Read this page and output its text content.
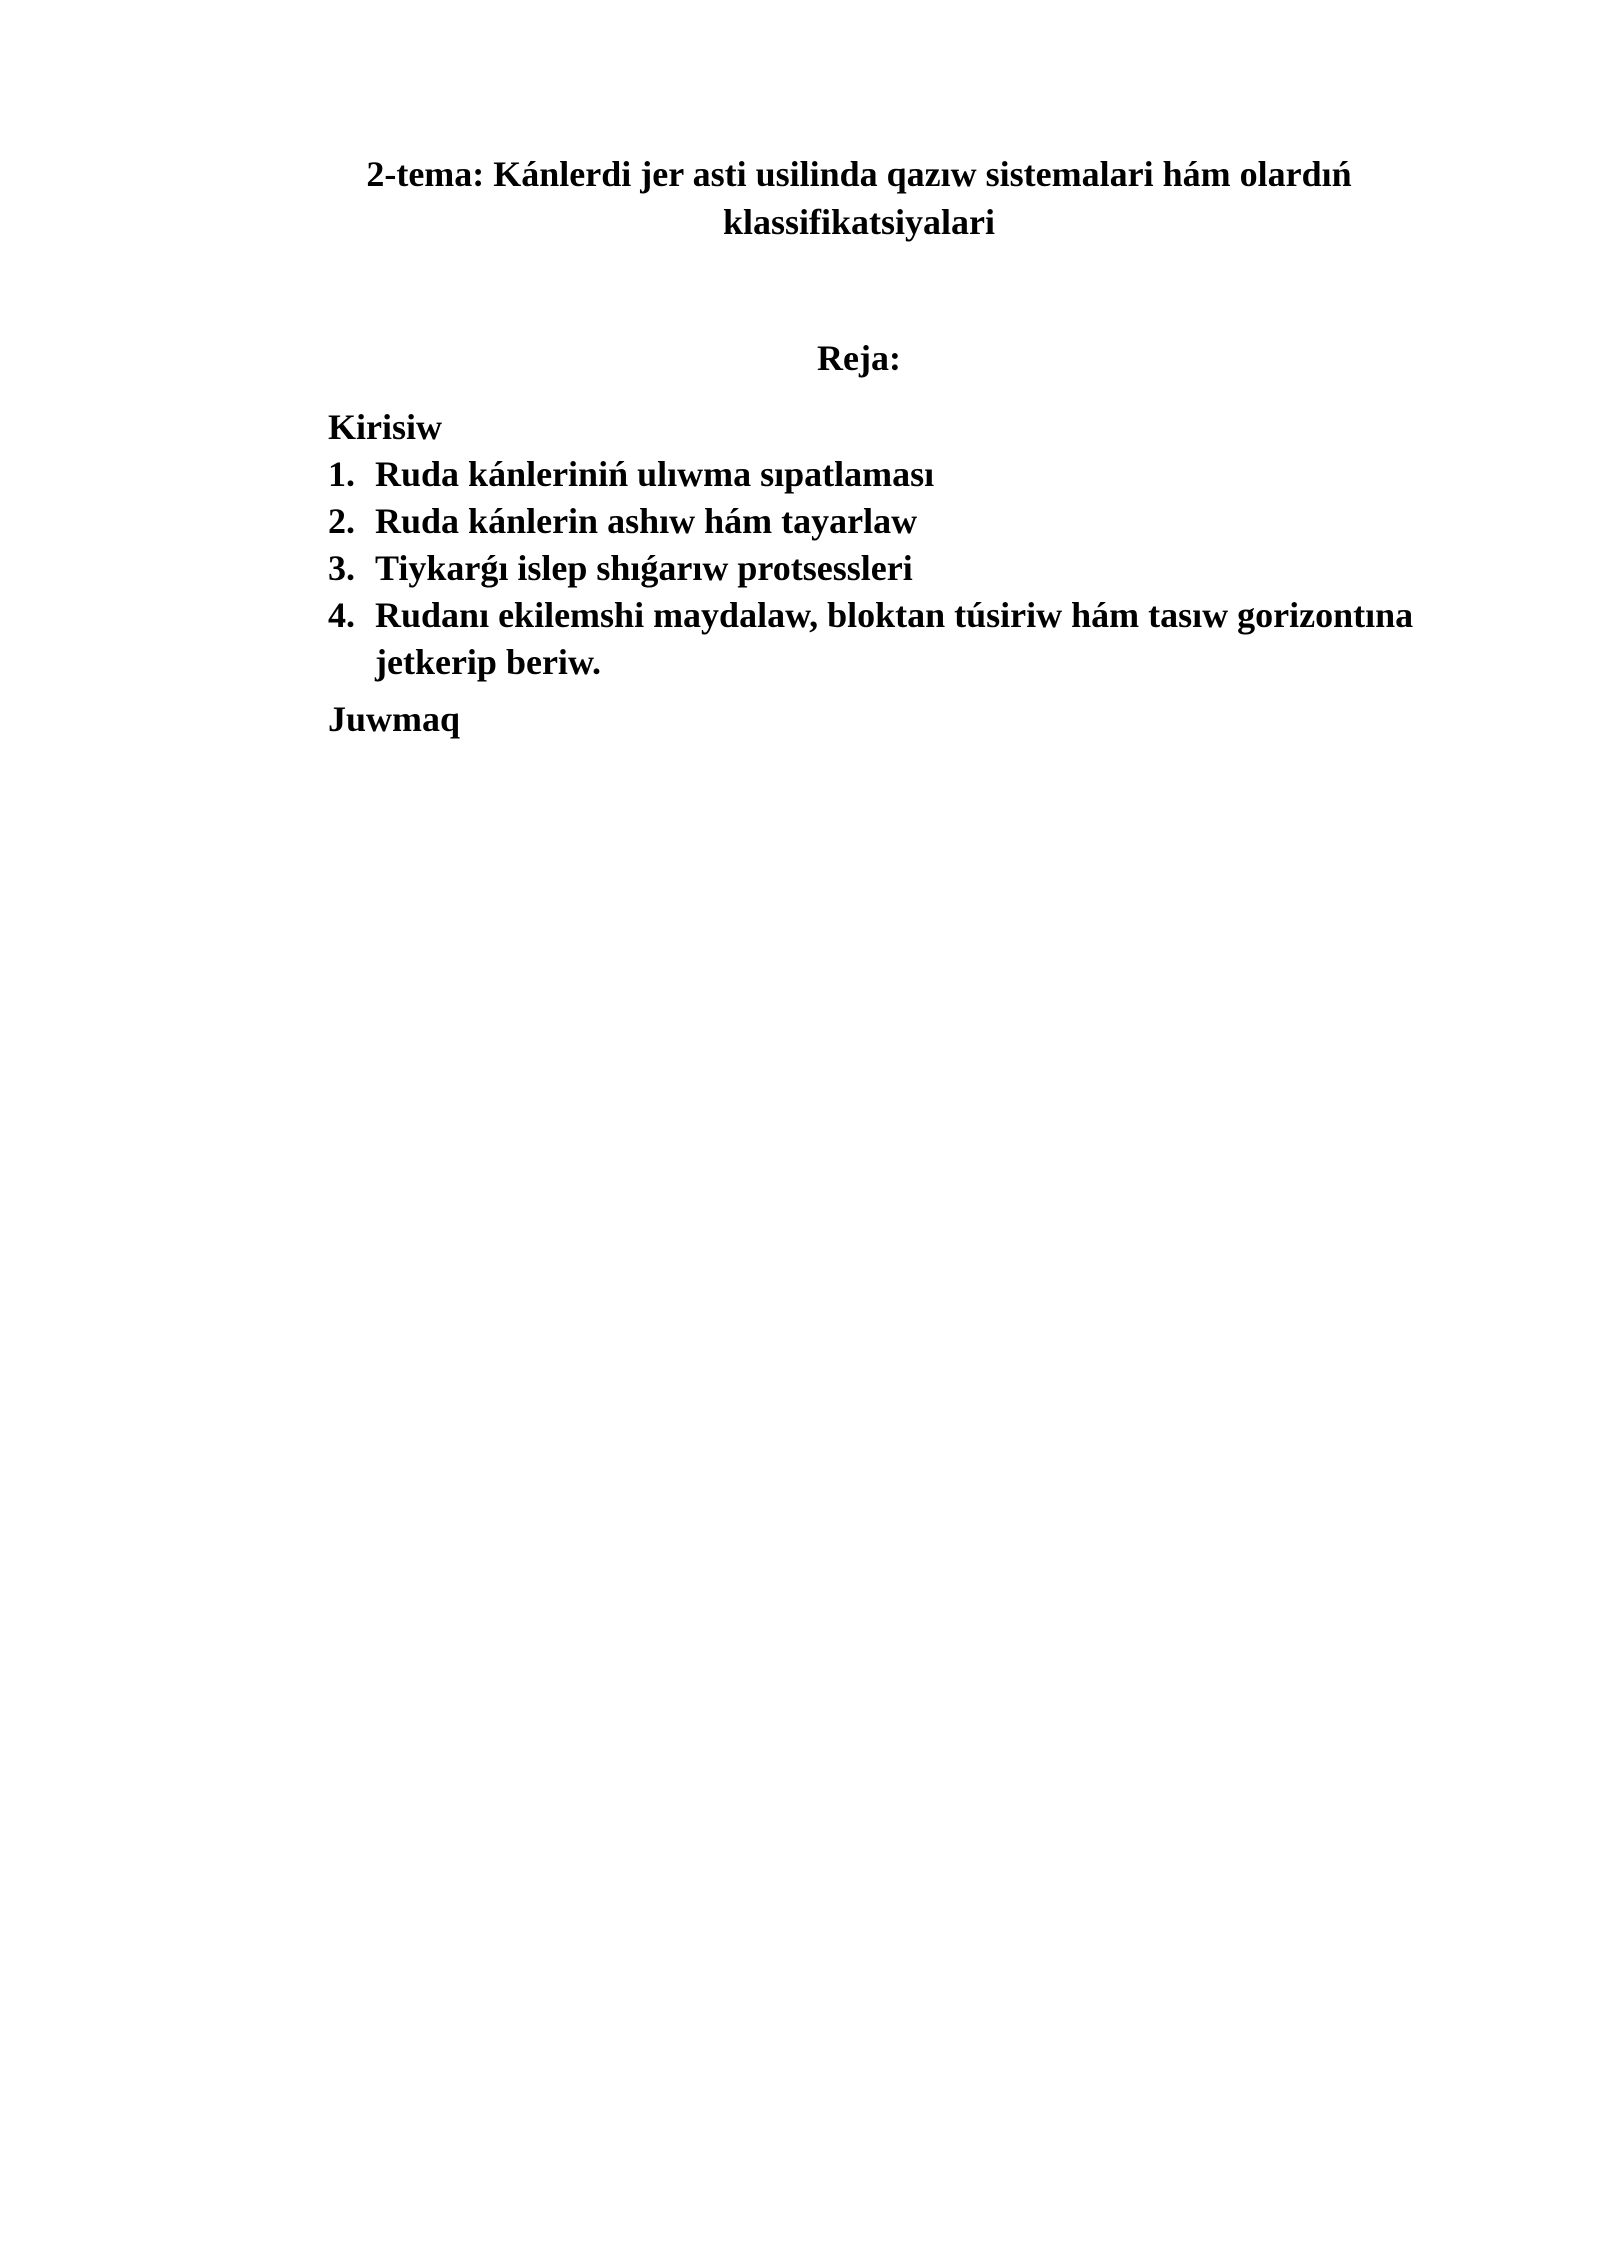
2-tema: Kánlerdi jer asti usilinda qazıw sistemalari hám olardıń klassifikatsiyalari
Reja:
Kirisiw
1. Ruda kánleriniń ulıwma sıpatlaması
2. Ruda kánlerin ashıw hám tayarlaw
3. Tiykarǵı islep shıǵarıw protsessleri
4. Rudanı ekilemshi maydalaw, bloktan túsiriw hám tasıw gorizontına jetkerip beriw.
Juwmaq
